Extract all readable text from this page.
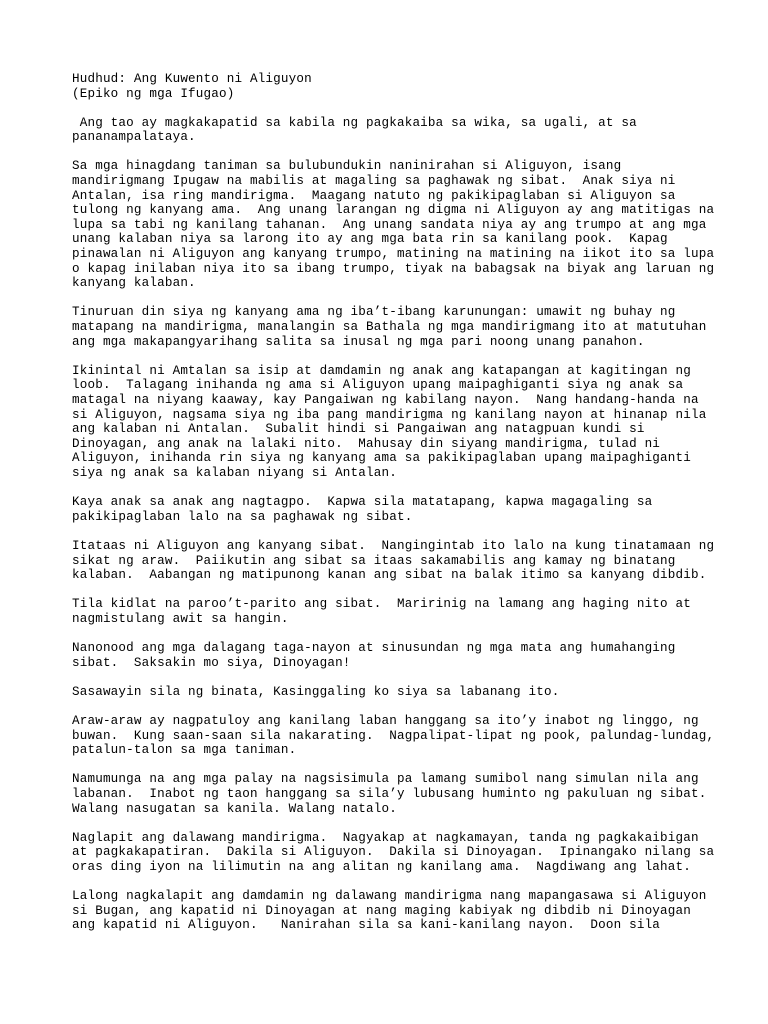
Hudhud: Ang Kuwento ni Aliguyon
(Epiko ng mga Ifugao)
Ang tao ay magkakapatid sa kabila ng pagkakaiba sa wika, sa ugali, at sa
pananampalataya.
Sa mga hinagdang taniman sa bulubundukin naninirahan si Aliguyon, isang
mandirigmang Ipugaw na mabilis at magaling sa paghawak ng sibat.  Anak siya ni
Antalan, isa ring mandirigma.  Maagang natuto ng pakikipaglaban si Aliguyon sa
tulong ng kanyang ama.  Ang unang larangan ng digma ni Aliguyon ay ang matitigas na
lupa sa tabi ng kanilang tahanan.  Ang unang sandata niya ay ang trumpo at ang mga
unang kalaban niya sa larong ito ay ang mga bata rin sa kanilang pook.  Kapag
pinawalan ni Aliguyon ang kanyang trumpo, matining na matining na iikot ito sa lupa
o kapag inilaban niya ito sa ibang trumpo, tiyak na babagsak na biyak ang laruan ng
kanyang kalaban.
Tinuruan din siya ng kanyang ama ng iba’t-ibang karunungan: umawit ng buhay ng
matapang na mandirigma, manalangin sa Bathala ng mga mandirigmang ito at matutuhan
ang mga makapangyarihang salita sa inusal ng mga pari noong unang panahon.
Ikinintal ni Amtalan sa isip at damdamin ng anak ang katapangan at kagitingan ng
loob.  Talagang inihanda ng ama si Aliguyon upang maipaghiganti siya ng anak sa
matagal na niyang kaaway, kay Pangaiwan ng kabilang nayon.  Nang handang-handa na
si Aliguyon, nagsama siya ng iba pang mandirigma ng kanilang nayon at hinanap nila
ang kalaban ni Antalan.  Subalit hindi si Pangaiwan ang natagpuan kundi si
Dinoyagan, ang anak na lalaki nito.  Mahusay din siyang mandirigma, tulad ni
Aliguyon, inihanda rin siya ng kanyang ama sa pakikipaglaban upang maipaghiganti
siya ng anak sa kalaban niyang si Antalan.
Kaya anak sa anak ang nagtagpo.  Kapwa sila matatapang, kapwa magagaling sa
pakikipaglaban lalo na sa paghawak ng sibat.
Itataas ni Aliguyon ang kanyang sibat.  Nangingintab ito lalo na kung tinatamaan ng
sikat ng araw.  Paiikutin ang sibat sa itaas sakamabilis ang kamay ng binatang
kalaban.  Aabangan ng matipunong kanan ang sibat na balak itimo sa kanyang dibdib.
Tila kidlat na paroo’t-parito ang sibat.  Maririnig na lamang ang haging nito at
nagmistulang awit sa hangin.
Nanonood ang mga dalagang taga-nayon at sinusundan ng mga mata ang humahanging
sibat.  Saksakin mo siya, Dinoyagan!
Sasawayin sila ng binata, Kasinggaling ko siya sa labanang ito.
Araw-araw ay nagpatuloy ang kanilang laban hanggang sa ito’y inabot ng linggo, ng
buwan.  Kung saan-saan sila nakarating.  Nagpalipat-lipat ng pook, palundag-lundag,
patalun-talon sa mga taniman.
Namumunga na ang mga palay na nagsisimula pa lamang sumibol nang simulan nila ang
labanan.  Inabot ng taon hanggang sa sila’y lubusang huminto ng pakuluan ng sibat.
Walang nasugatan sa kanila. Walang natalo.
Naglapit ang dalawang mandirigma.  Nagyakap at nagkamayan, tanda ng pagkakaibigan
at pagkakapatiran.  Dakila si Aliguyon.  Dakila si Dinoyagan.  Ipinangako nilang sa
oras ding iyon na lilimutin na ang alitan ng kanilang ama.  Nagdiwang ang lahat.
Lalong nagkalapit ang damdamin ng dalawang mandirigma nang mapangasawa si Aliguyon
si Bugan, ang kapatid ni Dinoyagan at nang maging kabiyak ng dibdib ni Dinoyagan
ang kapatid ni Aliguyon.   Nanirahan sila sa kani-kanilang nayon.  Doon sila
